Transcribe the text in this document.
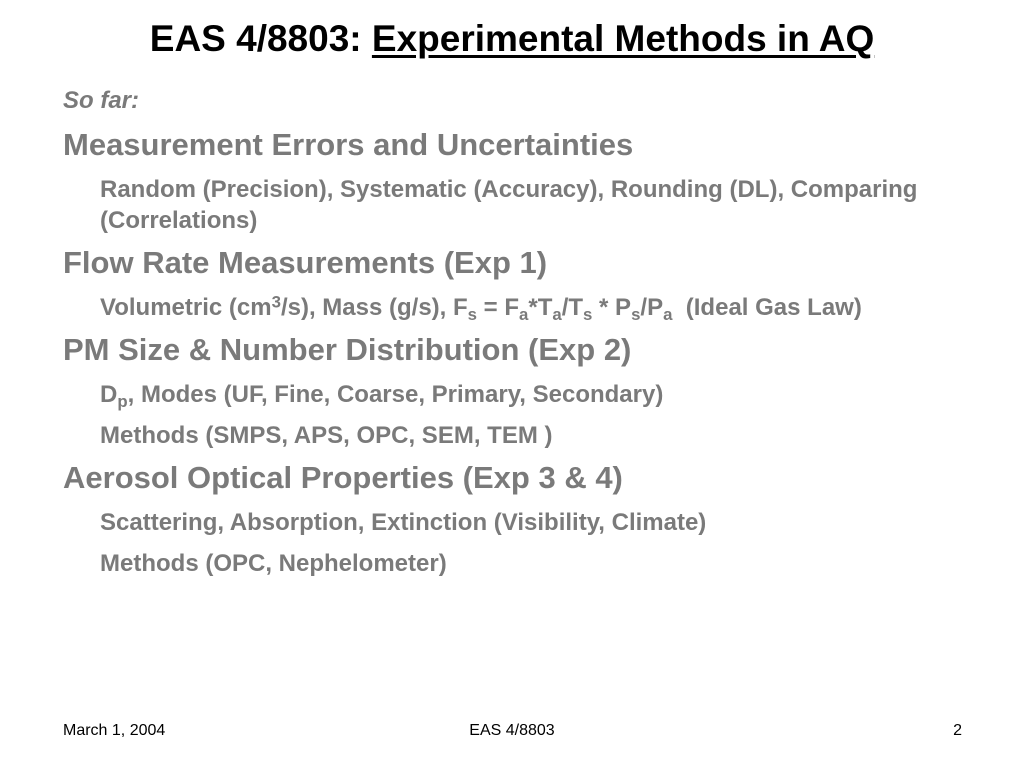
EAS 4/8803: Experimental Methods in AQ
So far:
Measurement Errors and Uncertainties
Random (Precision), Systematic (Accuracy), Rounding (DL), Comparing (Correlations)
Flow Rate Measurements (Exp 1)
Volumetric $(cm^3/s)$, Mass (g/s), $F_s = F_a*T_a/T_s * P_s/P_a$  (Ideal Gas Law)
PM Size & Number Distribution (Exp 2)
$D_p$, Modes (UF, Fine, Coarse, Primary, Secondary)
Methods (SMPS, APS, OPC, SEM, TEM )
Aerosol Optical Properties (Exp 3 & 4)
Scattering, Absorption, Extinction (Visibility, Climate)
Methods (OPC, Nephelometer)
March 1, 2004	EAS 4/8803	2
